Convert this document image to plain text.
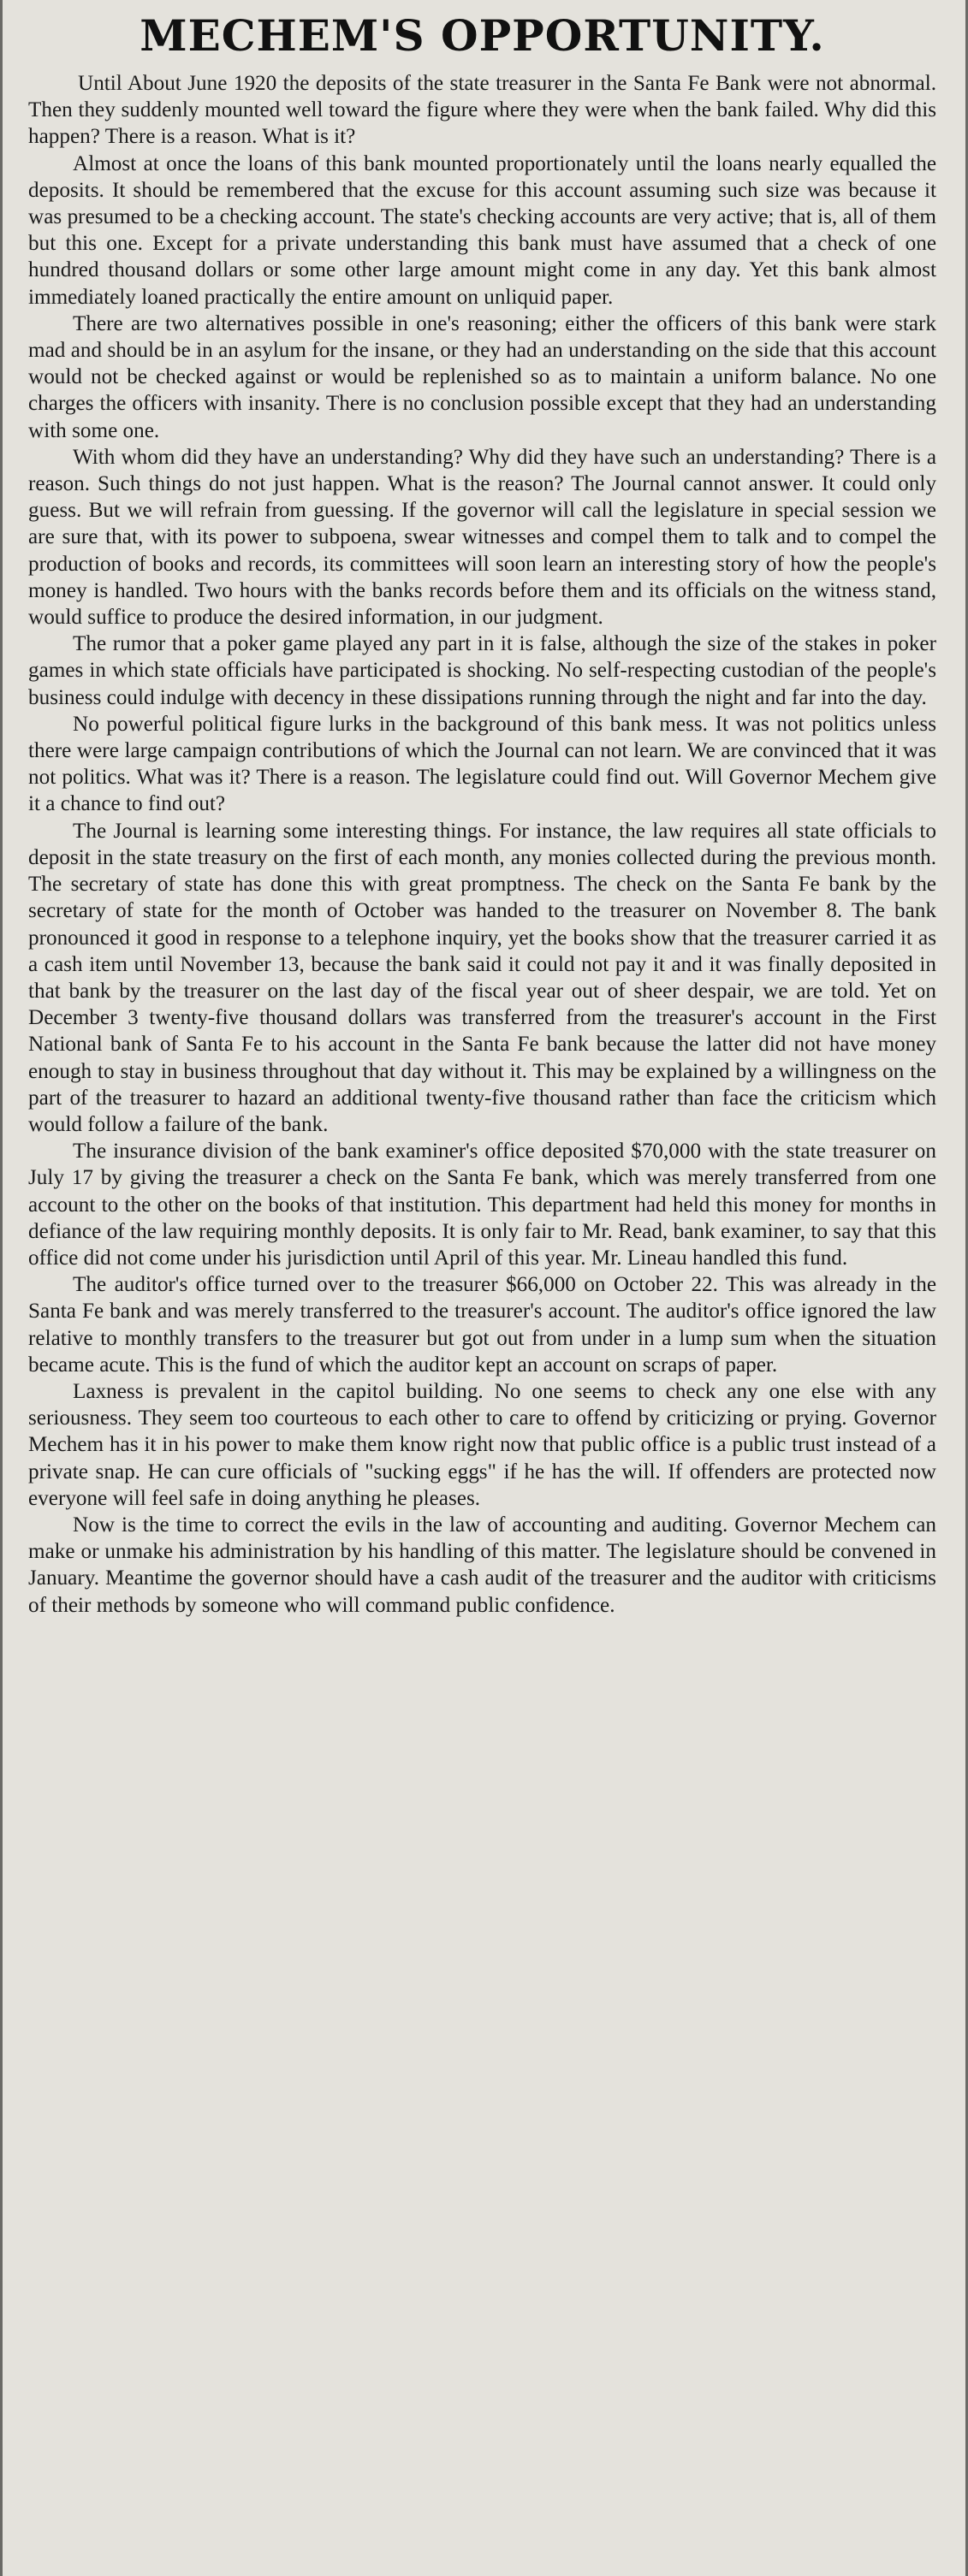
MECHEM'S OPPORTUNITY.

Until About June 1920 the deposits of the state treasurer in the Santa Fe Bank were not abnormal. Then they suddenly mounted well toward the figure where they were when the bank failed. Why did this happen? There is a reason. What is it?

Almost at once the loans of this bank mounted proportionately until the loans nearly equalled the deposits. It should be remembered that the excuse for this account assuming such size was because it was presumed to be a checking account. The state's checking accounts are very active; that is, all of them but this one. Except for a private understanding this bank must have assumed that a check of one hundred thousand dollars or some other large amount might come in any day. Yet this bank almost immediately loaned practically the entire amount on unliquid paper.

There are two alternatives possible in one's reasoning; either the officers of this bank were stark mad and should be in an asylum for the insane, or they had an understanding on the side that this account would not be checked against or would be replenished so as to maintain a uniform balance. No one charges the officers with insanity. There is no conclusion possible except that they had an understanding with some one.

With whom did they have an understanding? Why did they have such an understanding? There is a reason. Such things do not just happen. What is the reason? The Journal cannot answer. It could only guess. But we will refrain from guessing. If the governor will call the legislature in special session we are sure that, with its power to subpoena, swear witnesses and compel them to talk and to compel the production of books and records, its committees will soon learn an interesting story of how the people's money is handled. Two hours with the banks records before them and its officials on the witness stand, would suffice to produce the desired information, in our judgment.

The rumor that a poker game played any part in it is false, although the size of the stakes in poker games in which state officials have participated is shocking. No self-respecting custodian of the people's business could indulge with decency in these dissipations running through the night and far into the day.

No powerful political figure lurks in the background of this bank mess. It was not politics unless there were large campaign contributions of which the Journal can not learn. We are convinced that it was not politics. What was it? There is a reason. The legislature could find out. Will Governor Mechem give it a chance to find out?

The Journal is learning some interesting things. For instance, the law requires all state officials to deposit in the state treasury on the first of each month, any monies collected during the previous month. The secretary of state has done this with great promptness. The check on the Santa Fe bank by the secretary of state for the month of October was handed to the treasurer on November 8. The bank pronounced it good in response to a telephone inquiry, yet the books show that the treasurer carried it as a cash item until November 13, because the bank said it could not pay it and it was finally deposited in that bank by the treasurer on the last day of the fiscal year out of sheer despair, we are told. Yet on December 3 twenty-five thousand dollars was transferred from the treasurer's account in the First National bank of Santa Fe to his account in the Santa Fe bank because the latter did not have money enough to stay in business throughout that day without it. This may be explained by a willingness on the part of the treasurer to hazard an additional twenty-five thousand rather than face the criticism which would follow a failure of the bank.

The insurance division of the bank examiner's office deposited $70,000 with the state treasurer on July 17 by giving the treasurer a check on the Santa Fe bank, which was merely transferred from one account to the other on the books of that institution. This department had held this money for months in defiance of the law requiring monthly deposits. It is only fair to Mr. Read, bank examiner, to say that this office did not come under his jurisdiction until April of this year. Mr. Lineau handled this fund.

The auditor's office turned over to the treasurer $66,000 on October 22. This was already in the Santa Fe bank and was merely transferred to the treasurer's account. The auditor's office ignored the law relative to monthly transfers to the treasurer but got out from under in a lump sum when the situation became acute. This is the fund of which the auditor kept an account on scraps of paper.

Laxness is prevalent in the capitol building. No one seems to check any one else with any seriousness. They seem too courteous to each other to care to offend by criticizing or prying. Governor Mechem has it in his power to make them know right now that public office is a public trust instead of a private snap. He can cure officials of "sucking eggs" if he has the will. If offenders are protected now everyone will feel safe in doing anything he pleases.

Now is the time to correct the evils in the law of accounting and auditing. Governor Mechem can make or unmake his administration by his handling of this matter. The legislature should be convened in January. Meantime the governor should have a cash audit of the treasurer and the auditor with criticisms of their methods by someone who will command public confidence.
